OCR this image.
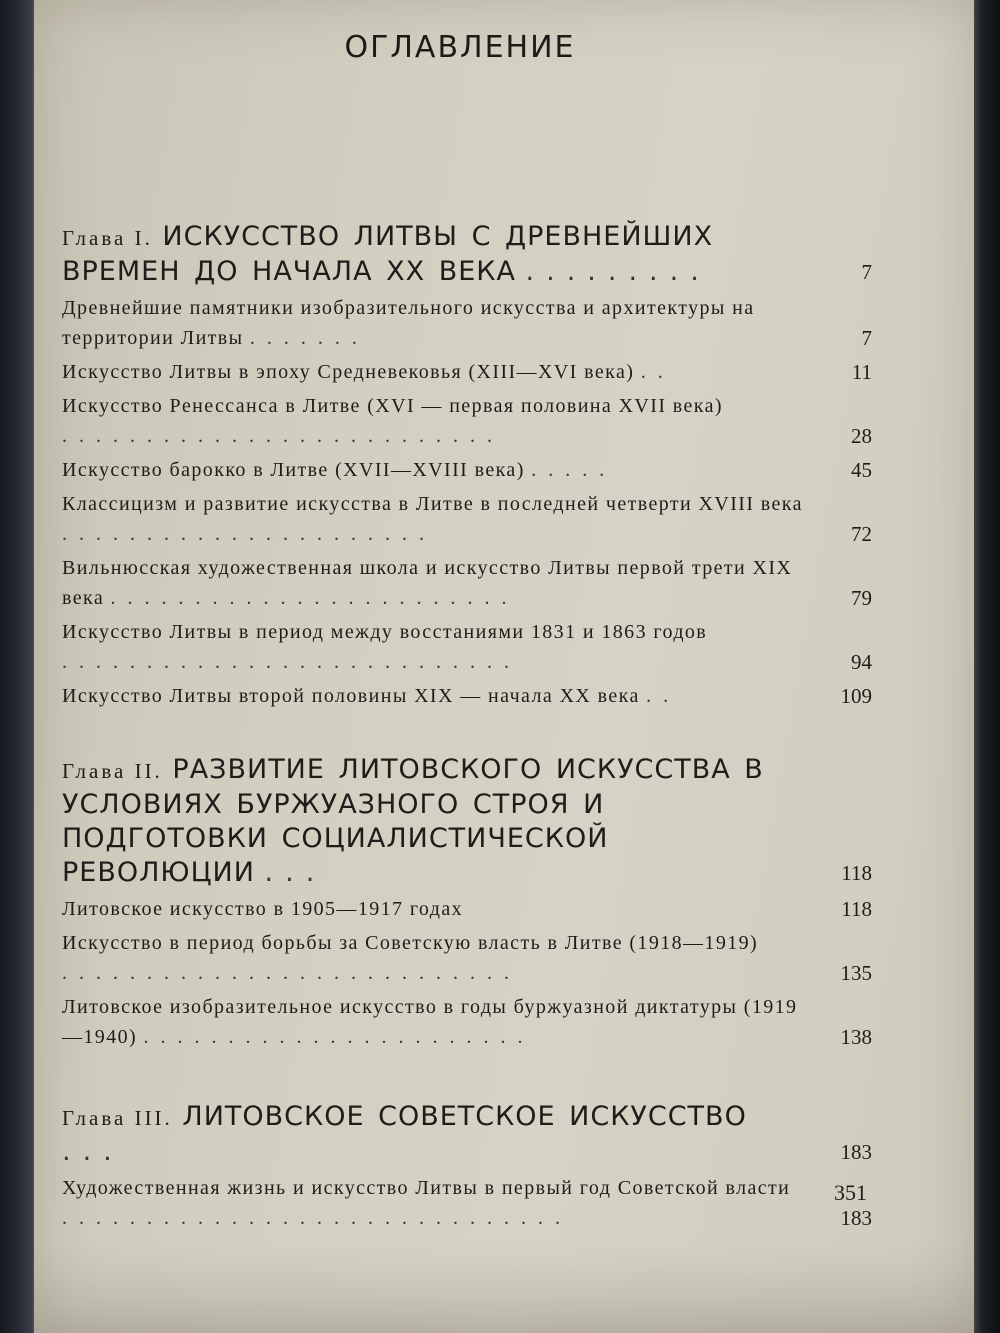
ОГЛАВЛЕНИЕ
Глава I. ИСКУССТВО ЛИТВЫ С ДРЕВНЕЙШИХ ВРЕМЕН ДО НАЧАЛА XX ВЕКА .........	7
Древнейшие памятники изобразительного искусства и архитектуры на территории Литвы .......	7
Искусство Литвы в эпоху Средневековья (XIII—XVI века) ..	11
Искусство Ренессанса в Литве (XVI — первая половина XVII века) ..........................	28
Искусство барокко в Литве (XVII—XVIII века) .....	45
Классицизм и развитие искусства в Литве в последней четверти XVIII века ......................	72
Вильнюсская художественная школа и искусство Литвы первой трети XIX века ........................	79
Искусство Литвы в период между восстаниями 1831 и 1863 годов ...........................	94
Искусство Литвы второй половины XIX — начала XX века ..	109
Глава II. РАЗВИТИЕ ЛИТОВСКОГО ИСКУССТВА В УСЛОВИЯХ БУРЖУАЗНОГО СТРОЯ И ПОДГОТОВКИ СОЦИАЛИСТИЧЕСКОЙ РЕВОЛЮЦИИ ...	118
Литовское искусство в 1905—1917 годах	118
Искусство в период борьбы за Советскую власть в Литве (1918—1919) ...........................	135
Литовское изобразительное искусство в годы буржуазной диктатуры (1919—1940) .......................	138
Глава III. ЛИТОВСКОЕ СОВЕТСКОЕ ИСКУССТВО ...	183
Художественная жизнь и искусство Литвы в первый год Советской власти ..............................	183
351
